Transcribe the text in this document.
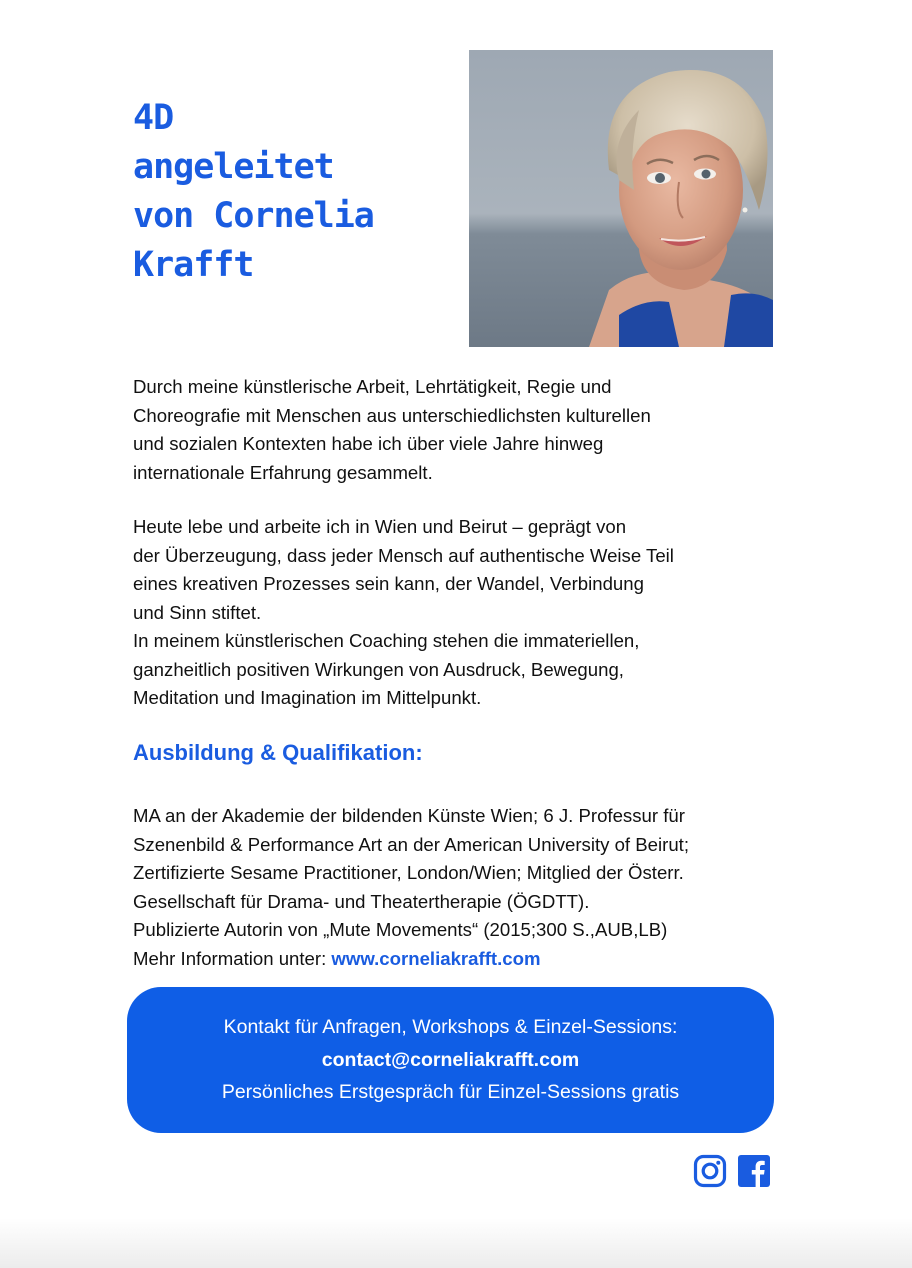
4D
angeleitet
von Cornelia
Krafft

Durch meine künstlerische Arbeit, Lehrtätigkeit, Regie und
Choreografie mit Menschen aus unterschiedlichsten kulturellen
und sozialen Kontexten habe ich über viele Jahre hinweg
internationale Erfahrung gesammelt.

Heute lebe und arbeite ich in Wien und Beirut – geprägt von
der Überzeugung, dass jeder Mensch auf authentische Weise Teil
eines kreativen Prozesses sein kann, der Wandel, Verbindung
und Sinn stiftet.
In meinem künstlerischen Coaching stehen die immateriellen,
ganzheitlich positiven Wirkungen von Ausdruck, Bewegung,
Meditation und Imagination im Mittelpunkt.

Ausbildung & Qualifikation:

MA an der Akademie der bildenden Künste Wien; 6 J. Professur für
Szenenbild & Performance Art an der American University of Beirut;
Zertifizierte Sesame Practitioner, London/Wien; Mitglied der Österr.
Gesellschaft für Drama- und Theatertherapie (ÖGDTT).
Publizierte Autorin von „Mute Movements“ (2015;300 S.,AUB,LB)
Mehr Information unter: www.corneliakrafft.com

Kontakt für Anfragen, Workshops & Einzel-Sessions:
contact@corneliakrafft.com
Persönliches Erstgespräch für Einzel-Sessions gratis
